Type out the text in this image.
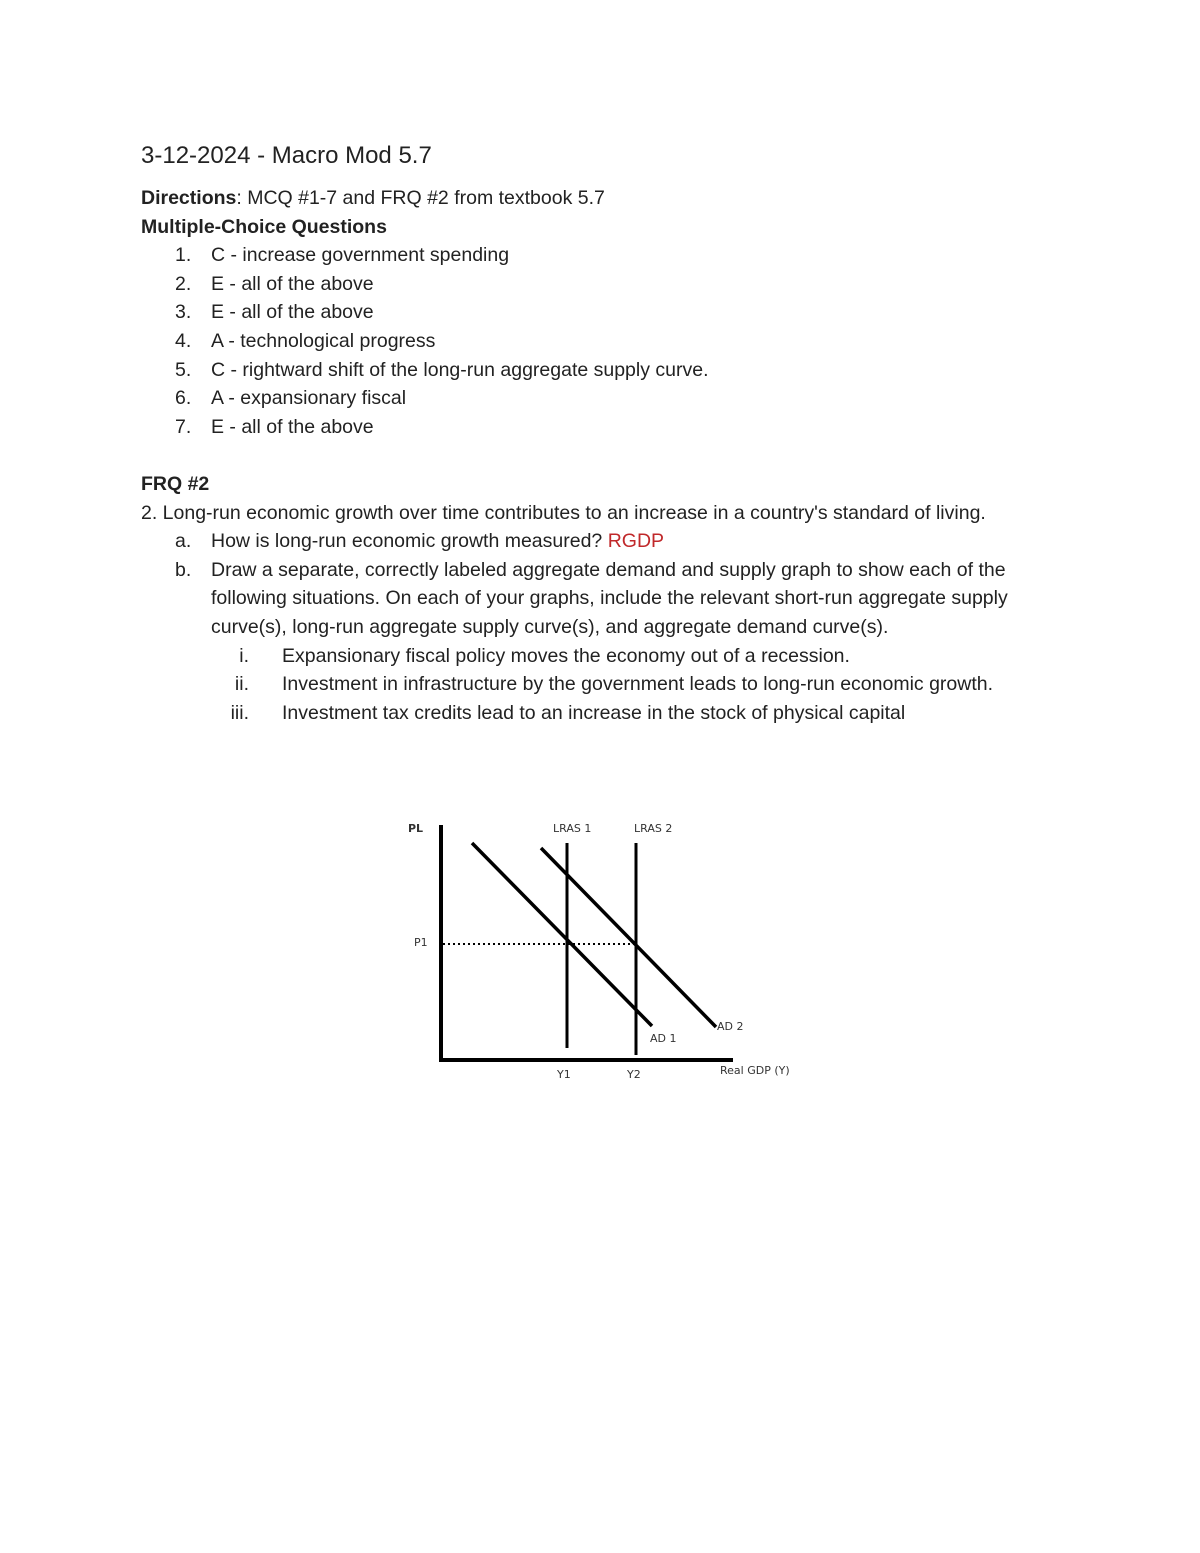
3-12-2024 - Macro Mod 5.7
Directions: MCQ #1-7 and FRQ #2 from textbook 5.7
Multiple-Choice Questions
1.	C - increase government spending
2.	E - all of the above
3.	E - all of the above
4.	A - technological progress
5.	C - rightward shift of the long-run aggregate supply curve.
6.	A - expansionary fiscal
7.	E - all of the above
FRQ #2
2. Long-run economic growth over time contributes to an increase in a country's standard of living.
a. How is long-run economic growth measured? RGDP
b. Draw a separate, correctly labeled aggregate demand and supply graph to show each of the following situations. On each of your graphs, include the relevant short-run aggregate supply curve(s), long-run aggregate supply curve(s), and aggregate demand curve(s).
i. Expansionary fiscal policy moves the economy out of a recession.
ii. Investment in infrastructure by the government leads to long-run economic growth.
iii. Investment tax credits lead to an increase in the stock of physical capital
PL
P1
LRAS 1	LRAS 2
AD 1
AD 2
Y1	Y2	Real GDP (Y)
